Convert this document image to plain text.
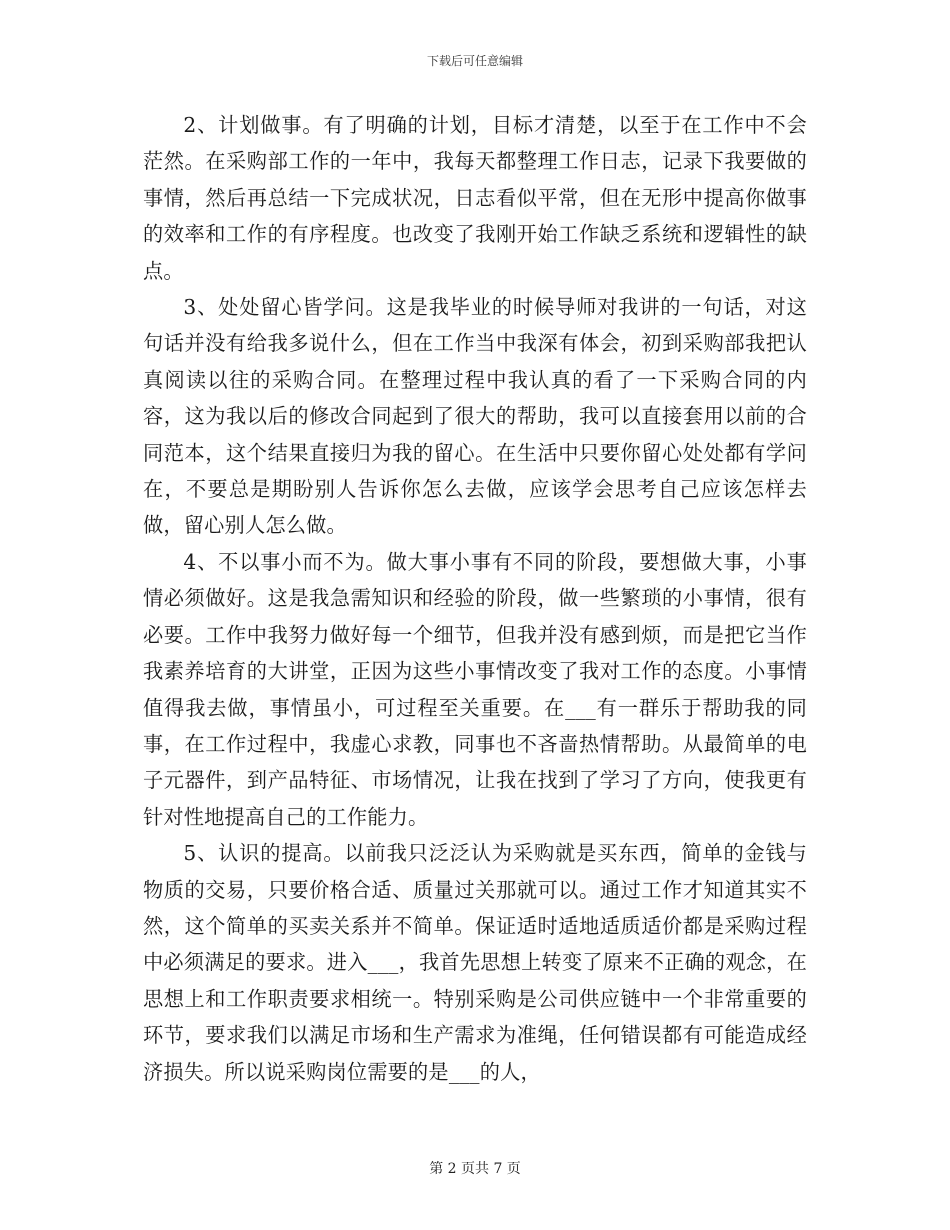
下载后可任意编辑

2、计划做事。有了明确的计划，目标才清楚，以至于在工作中不会茫然。在采购部工作的一年中，我每天都整理工作日志，记录下我要做的事情，然后再总结一下完成状况，日志看似平常，但在无形中提高你做事的效率和工作的有序程度。也改变了我刚开始工作缺乏系统和逻辑性的缺点。

3、处处留心皆学问。这是我毕业的时候导师对我讲的一句话，对这句话并没有给我多说什么，但在工作当中我深有体会，初到采购部我把认真阅读以往的采购合同。在整理过程中我认真的看了一下采购合同的内容，这为我以后的修改合同起到了很大的帮助，我可以直接套用以前的合同范本，这个结果直接归为我的留心。在生活中只要你留心处处都有学问在，不要总是期盼别人告诉你怎么去做，应该学会思考自己应该怎样去做，留心别人怎么做。

4、不以事小而不为。做大事小事有不同的阶段，要想做大事，小事情必须做好。这是我急需知识和经验的阶段，做一些繁琐的小事情，很有必要。工作中我努力做好每一个细节，但我并没有感到烦，而是把它当作我素养培育的大讲堂，正因为这些小事情改变了我对工作的态度。小事情值得我去做，事情虽小，可过程至关重要。在___有一群乐于帮助我的同事，在工作过程中，我虚心求教，同事也不吝啬热情帮助。从最简单的电子元器件，到产品特征、市场情况，让我在找到了学习了方向，使我更有针对性地提高自己的工作能力。

5、认识的提高。以前我只泛泛认为采购就是买东西，简单的金钱与物质的交易，只要价格合适、质量过关那就可以。通过工作才知道其实不然，这个简单的买卖关系并不简单。保证适时适地适质适价都是采购过程中必须满足的要求。进入___，我首先思想上转变了原来不正确的观念，在思想上和工作职责要求相统一。特别采购是公司供应链中一个非常重要的环节，要求我们以满足市场和生产需求为准绳，任何错误都有可能造成经济损失。所以说采购岗位需要的是___的人，

第 2 页共 7 页
